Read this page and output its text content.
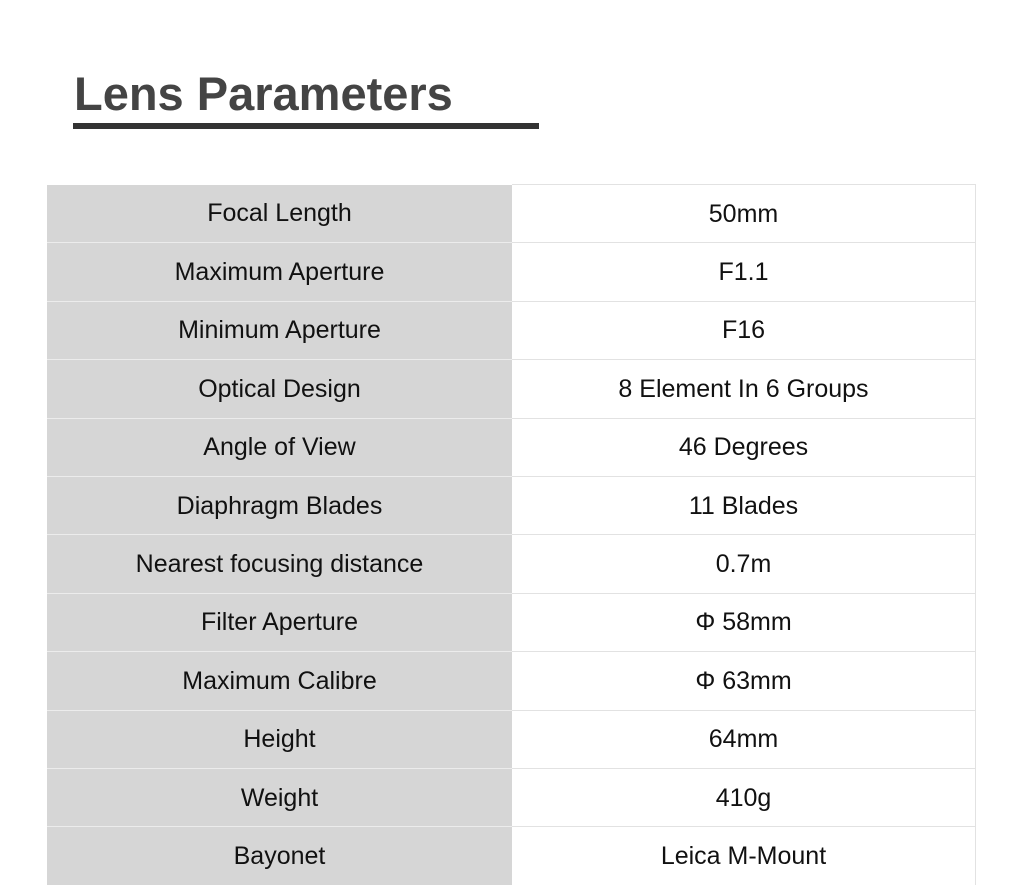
Lens Parameters
Focal Length	50mm
Maximum Aperture	F1.1
Minimum Aperture	F16
Optical Design	8 Element In 6 Groups
Angle of View	46 Degrees
Diaphragm Blades	11 Blades
Nearest focusing distance	0.7m
Filter Aperture	Φ 58mm
Maximum Calibre	Φ 63mm
Height	64mm
Weight	410g
Bayonet	Leica M-Mount
